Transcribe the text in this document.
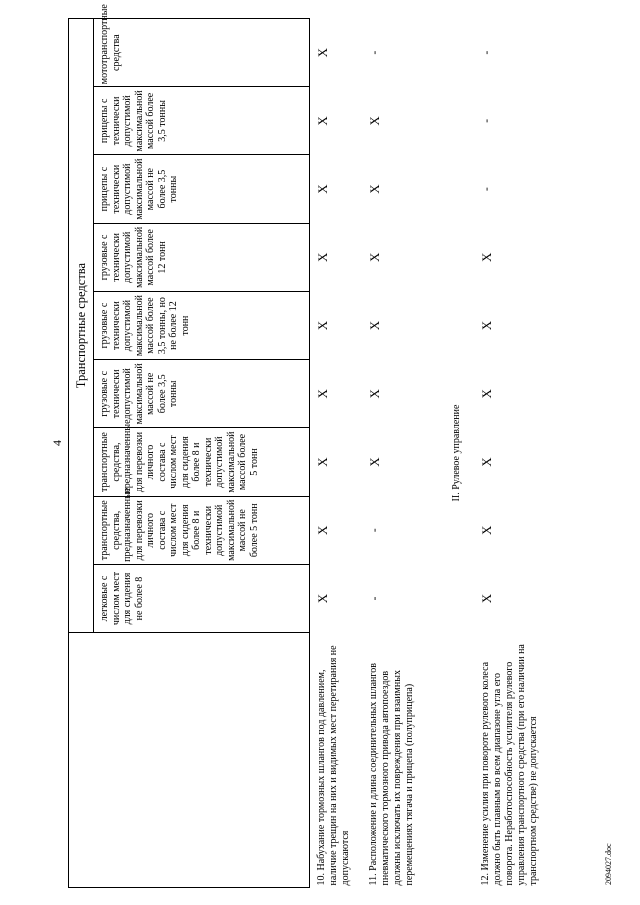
4
2094027.doc
	Транспортные средства								
	легковые с числом мест для сидения не более 8	транспортные средства, предназначенные для перевозки личного состава с числом мест для сидения более 8 и технически допустимой максимальной массой не более 5 тонн	транспортные средства, предназначенные для перевозки личного состава с числом мест для сидения более 8 и технически допустимой максимальной массой более 5 тонн	грузовые с технически допустимой максимальной массой не более 3,5 тонны	грузовые с технически допустимой максимальной массой более 3,5 тонны, но не более 12 тонн	грузовые с технически допустимой максимальной массой более 12 тонн	прицепы с технически допустимой максимальной массой не более 3,5 тонны	прицепы с технически допустимой максимальной массой более 3,5 тонны	мототранспортные средства
10. Набухание тормозных шлангов под давлением, наличие трещин на них и видимых мест перетирания не допускаются	X	X	X	X	X	X	X	X	X
11. Расположение и длина соединительных шлангов пневматического тормозного привода автопоездов должны исключать их повреждения при взаимных перемещениях тягача и прицепа (полуприцепа)	-	-	X	X	X	X	X	X	-
II. Рулевое управление									
12. Изменение усилия при повороте рулевого колеса должно быть плавным во всем диапазоне угла его поворота. Неработоспособность усилителя рулевого управления транспортного средства (при его наличии на транспортном средстве) не допускается	X	X	X	X	X	X	-	-	-
